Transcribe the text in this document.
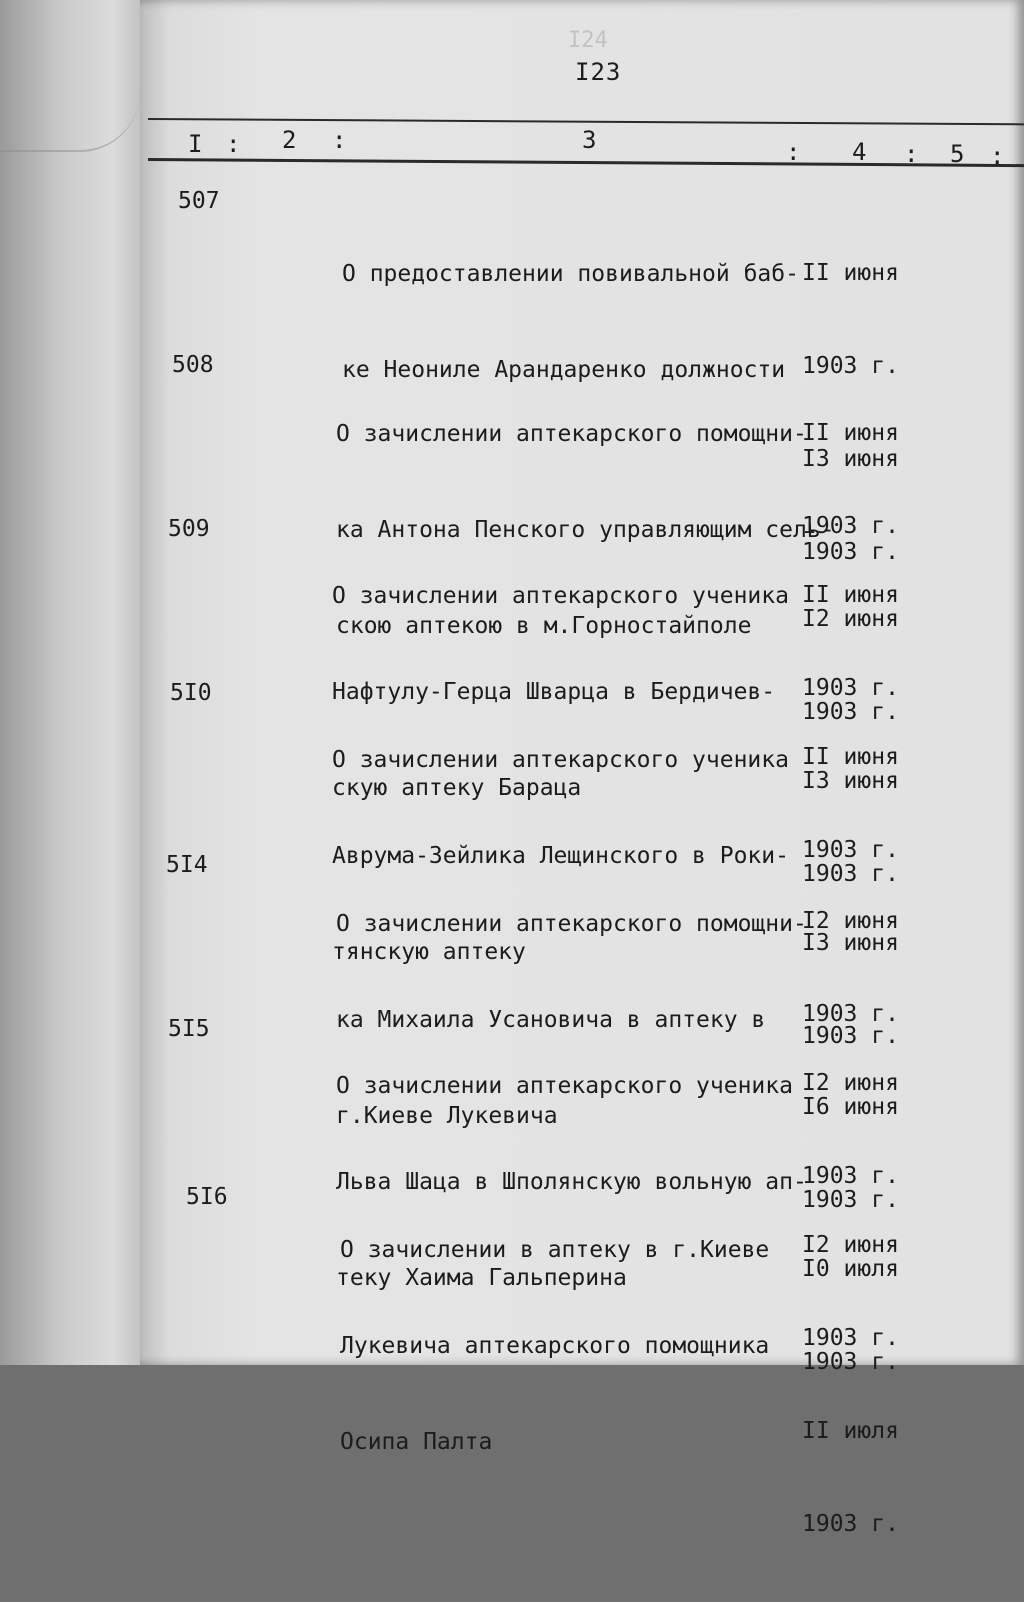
I24
I23
I : 2 :	3	: 4 : 5 :
507

О предоставлении повивальной баб-

ке Неониле Арандаренко должности

II июня

1903 г.

I3 июня

1903 г.

508

О зачислении аптекарского помощни-

ка Антона Пенского управляющим сель-

скою аптекою в м.Горностайполе

II июня

1903 г.

I2 июня

1903 г.

509

О зачислении аптекарского ученика

Нафтулу-Герца Шварца в Бердичев-

скую аптеку Бараца

II июня

1903 г.

I3 июня

1903 г.

5I0

О зачислении аптекарского ученика

Аврума-Зейлика Лещинского в Роки-

тянскую аптеку

II июня

1903 г.

I3 июня

1903 г.

5I4

О зачислении аптекарского помощни-

ка Михаила Усановича в аптеку в

г.Киеве Лукевича

I2 июня

1903 г.

I6 июня

1903 г.

5I5

О зачислении аптекарского ученика

Льва Шаца в Шполянскую вольную ап-

теку Хаима Гальперина

I2 июня

1903 г.

I0 июля

1903 г.

5I6

О зачислении в аптеку в г.Киеве

Лукевича аптекарского помощника

Осипа Палта

I2 июня

1903 г.

II июля

1903 г.
